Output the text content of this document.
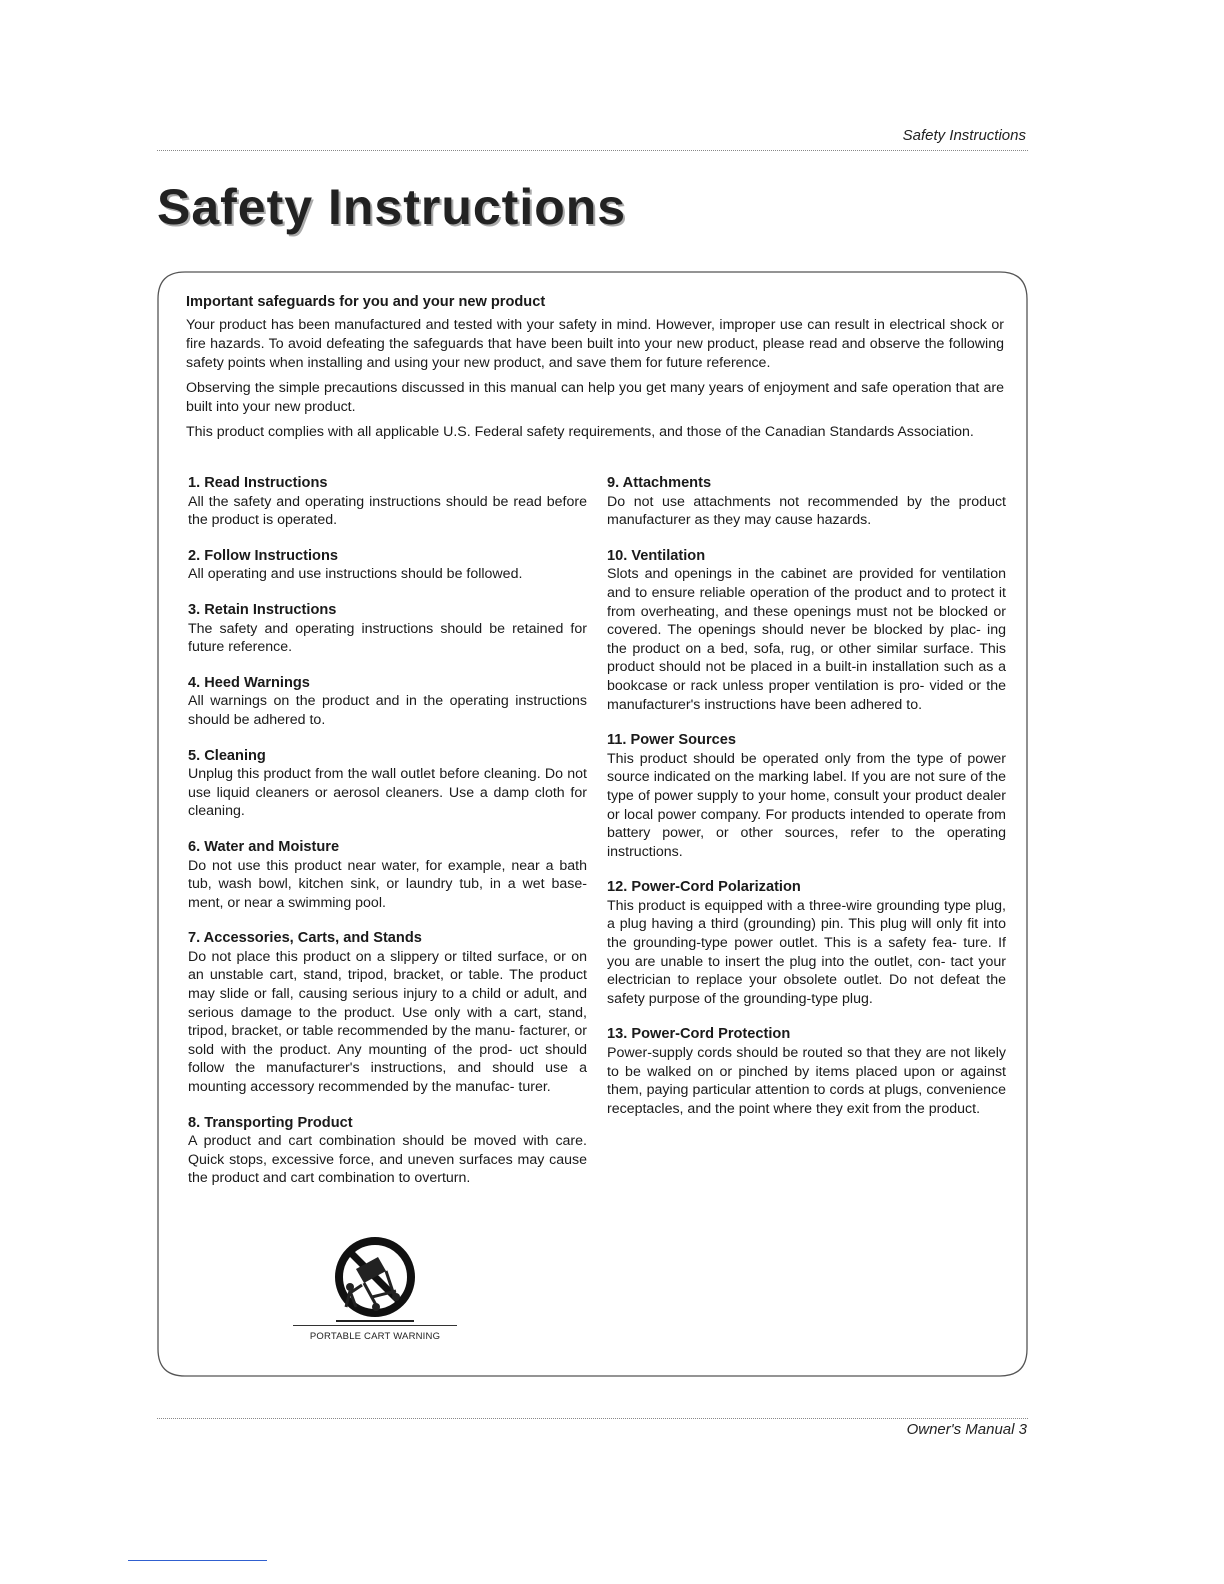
Safety Instructions
Safety Instructions
Important safeguards for you and your new product

Your product has been manufactured and tested with your safety in mind. However, improper use can result in electrical shock or fire hazards. To avoid defeating the safeguards that have been built into your new product, please read and observe the following safety points when installing and using your new product, and save them for future reference.

Observing the simple precautions discussed in this manual can help you get many years of enjoyment and safe operation that are built into your new product.

This product complies with all applicable U.S. Federal safety requirements, and those of the Canadian Standards Association.

1. Read Instructions

All the safety and operating instructions should be read before the product is operated.

2. Follow Instructions

All operating and use instructions should be followed.

3. Retain Instructions

The safety and operating instructions should be retained for future reference.

4. Heed Warnings

All warnings on the product and in the operating instructions should be adhered to.

5. Cleaning

Unplug this product from the wall outlet before cleaning. Do not use liquid cleaners or aerosol cleaners. Use a damp cloth for cleaning.

6. Water and Moisture

Do not use this product near water, for example, near a bath tub, wash bowl, kitchen sink, or laundry tub, in a wet base- ment, or near a swimming pool.

7. Accessories, Carts, and Stands

Do not place this product on a slippery or tilted surface, or on an unstable cart, stand, tripod, bracket, or table. The product may slide or fall, causing serious injury to a child or adult, and serious damage to the product. Use only with a cart, stand, tripod, bracket, or table recommended by the manu- facturer, or sold with the product. Any mounting of the prod- uct should follow the manufacturer's instructions, and should use a mounting accessory recommended by the manufac- turer.

8. Transporting Product

A product and cart combination should be moved with care. Quick stops, excessive force, and uneven surfaces may cause the product and cart combination to overturn.

9. Attachments

Do not use attachments not recommended by the product manufacturer as they may cause hazards.

10. Ventilation

Slots and openings in the cabinet are provided for ventilation and to ensure reliable operation of the product and to protect it from overheating, and these openings must not be blocked or covered. The openings should never be blocked by plac- ing the product on a bed, sofa, rug, or other similar surface. This product should not be placed in a built-in installation such as a bookcase or rack unless proper ventilation is pro- vided or the manufacturer's instructions have been adhered to.

11. Power Sources

This product should be operated only from the type of power source indicated on the marking label. If you are not sure of the type of power supply to your home, consult your product dealer or local power company. For products intended to operate from battery power, or other sources, refer to the operating instructions.

12. Power-Cord Polarization

This product is equipped with a three-wire grounding type plug, a plug having a third (grounding) pin. This plug will only fit into the grounding-type power outlet. This is a safety fea- ture. If you are unable to insert the plug into the outlet, con- tact your electrician to replace your obsolete outlet. Do not defeat the safety purpose of the grounding-type plug.

13. Power-Cord Protection

Power-supply cords should be routed so that they are not likely to be walked on or pinched by items placed upon or against them, paying particular attention to cords at plugs, convenience receptacles, and the point where they exit from the product.

PORTABLE CART WARNING
Owner's Manual 3
